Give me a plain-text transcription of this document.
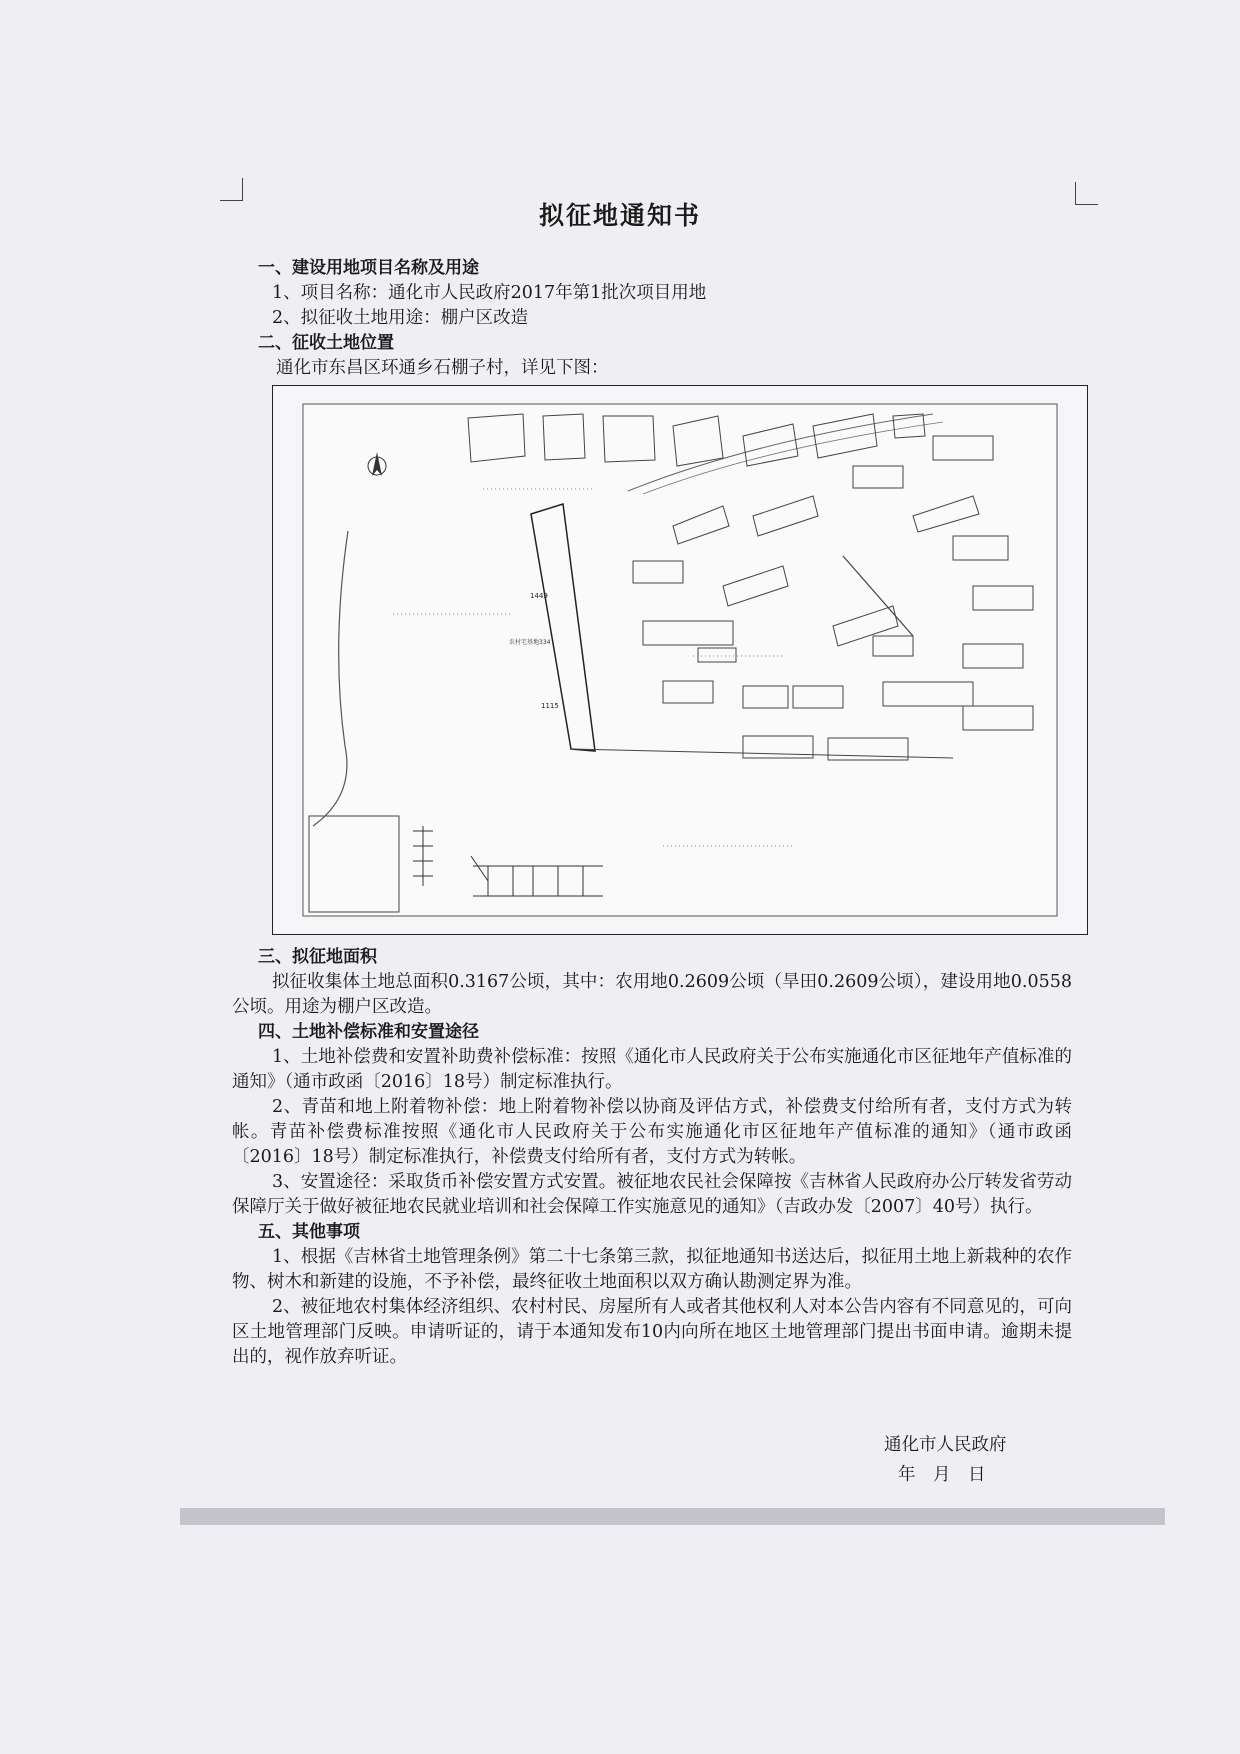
拟征地通知书
一、建设用地项目名称及用途
1、项目名称：通化市人民政府2017年第1批次项目用地
2、拟征收土地用途：棚户区改造
二、征收土地位置
通化市东昌区环通乡石棚子村，详见下图：
1449
1115
农村宅基地334
三、拟征地面积
拟征收集体土地总面积0.3167公顷，其中：农用地0.2609公顷（旱田0.2609公顷），建设用地0.0558公顷。用途为棚户区改造。
四、土地补偿标准和安置途径
1、土地补偿费和安置补助费补偿标准：按照《通化市人民政府关于公布实施通化市区征地年产值标准的通知》（通市政函〔2016〕18号）制定标准执行。
2、青苗和地上附着物补偿：地上附着物补偿以协商及评估方式，补偿费支付给所有者，支付方式为转帐。青苗补偿费标准按照《通化市人民政府关于公布实施通化市区征地年产值标准的通知》（通市政函〔2016〕18号）制定标准执行，补偿费支付给所有者，支付方式为转帐。
3、安置途径：采取货币补偿安置方式安置。被征地农民社会保障按《吉林省人民政府办公厅转发省劳动保障厅关于做好被征地农民就业培训和社会保障工作实施意见的通知》（吉政办发〔2007〕40号）执行。
五、其他事项
1、根据《吉林省土地管理条例》第二十七条第三款，拟征地通知书送达后，拟征用土地上新栽种的农作物、树木和新建的设施，不予补偿，最终征收土地面积以双方确认勘测定界为准。
2、被征地农村集体经济组织、农村村民、房屋所有人或者其他权利人对本公告内容有不同意见的，可向区土地管理部门反映。申请听证的，请于本通知发布10内向所在地区土地管理部门提出书面申请。逾期未提出的，视作放弃听证。
通化市人民政府
年　月　日
